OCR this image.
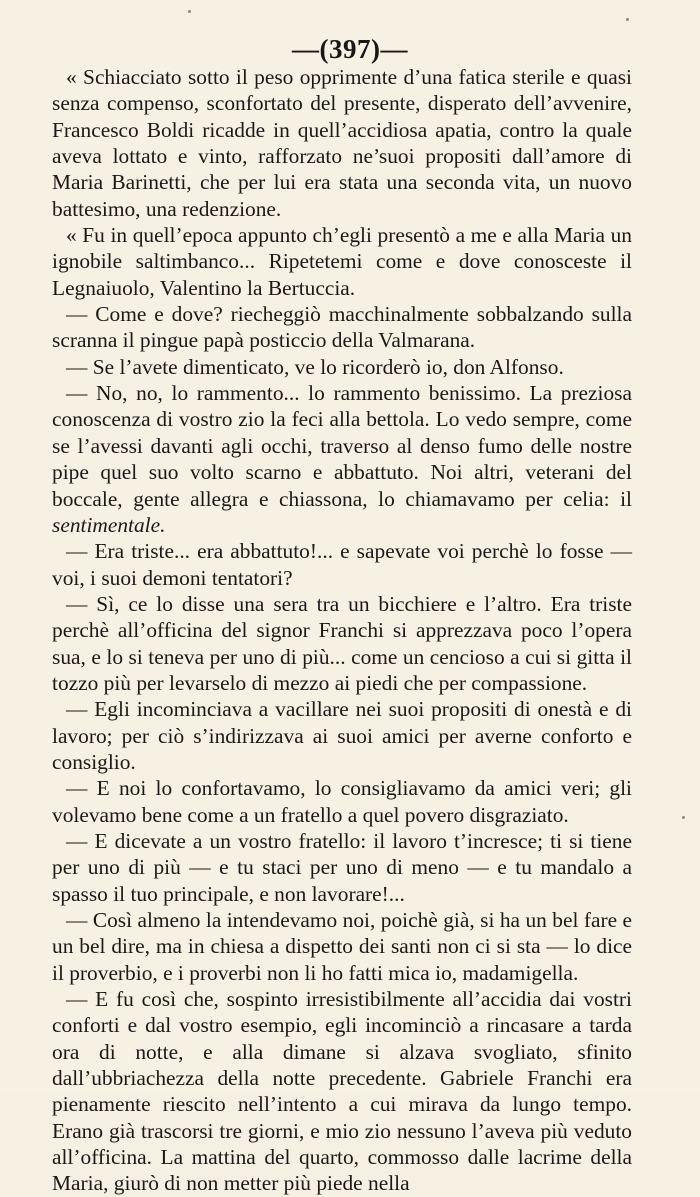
—(397)—

« Schiacciato sotto il peso opprimente d’una fatica sterile e quasi senza compenso, sconfortato del presente, disperato dell’avvenire, Francesco Boldi ricadde in quell’accidiosa apatia, contro la quale aveva lottato e vinto, rafforzato ne’suoi propositi dall’amore di Maria Barinetti, che per lui era stata una seconda vita, un nuovo battesimo, una redenzione.

« Fu in quell’epoca appunto ch’egli presentò a me e alla Maria un ignobile saltimbanco... Ripetetemi come e dove conosceste il Legnaiuolo, Valentino la Bertuccia.

— Come e dove? riecheggiò macchinalmente sobbalzando sulla scranna il pingue papà posticcio della Valmarana.

— Se l’avete dimenticato, ve lo ricorderò io, don Alfonso.

— No, no, lo rammento... lo rammento benissimo. La preziosa conoscenza di vostro zio la feci alla bettola. Lo vedo sempre, come se l’avessi davanti agli occhi, traverso al denso fumo delle nostre pipe quel suo volto scarno e abbattuto. Noi altri, veterani del boccale, gente allegra e chiassona, lo chiamavamo per celia: il sentimentale.

— Era triste... era abbattuto!... e sapevate voi perchè lo fosse — voi, i suoi demoni tentatori?

— Sì, ce lo disse una sera tra un bicchiere e l’altro. Era triste perchè all’officina del signor Franchi si apprezzava poco l’opera sua, e lo si teneva per uno di più... come un cencioso a cui si gitta il tozzo più per levarselo di mezzo ai piedi che per compassione.

— Egli incominciava a vacillare nei suoi propositi di onestà e di lavoro; per ciò s’indirizzava ai suoi amici per averne conforto e consiglio.

— E noi lo confortavamo, lo consigliavamo da amici veri; gli volevamo bene come a un fratello a quel povero disgraziato.

— E dicevate a un vostro fratello: il lavoro t’increscе; ti si tiene per uno di più — e tu staci per uno di meno — e tu mandalo a spasso il tuo principale, e non lavorare!...

— Così almeno la intendevamo noi, poichè già, si ha un bel fare e un bel dire, ma in chiesa a dispetto dei santi non ci si sta — lo dice il proverbio, e i proverbi non li ho fatti mica io, madamigella.

— E fu così che, sospinto irresistibilmente all’accidia dai vostri conforti e dal vostro esempio, egli incominciò a rincasare a tarda ora di notte, e alla dimane si alzava svogliato, sfinito dall’ubbriachezza della notte precedente. Gabriele Franchi era pienamente riescito nell’intento a cui mirava da lungo tempo. Erano già trascorsi tre giorni, e mio zio nessuno l’aveva più veduto all’officina. La mattina del quarto, commosso dalle lacrime della Maria, giurò di non metter più piede nella
